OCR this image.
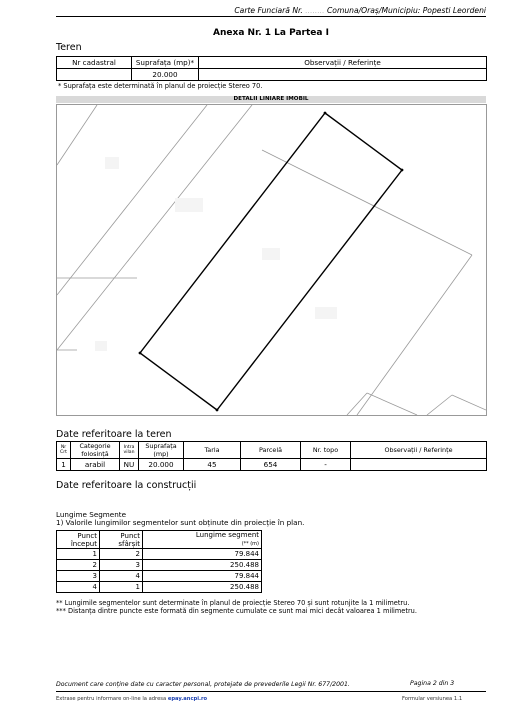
Carte Funciară Nr. ........ Comuna/Oraș/Municipiu: Popesti Leordeni
Anexa Nr. 1 La Partea I
Teren
Nr cadastral	Suprafața (mp)*	Observații / Referințe
	20.000	
* Suprafața este determinată în planul de proiecție Stereo 70.
DETALII LINIARE IMOBIL
Date referitoare la teren
Nr Crt	Categorie folosință	Intra vilan	Suprafața (mp)	Tarla	Parcelă	Nr. topo	Observații / Referințe
1	arabil	NU	20.000	45	654	-	
Date referitoare la construcții
Lungime Segmente
1) Valorile lungimilor segmentelor sunt obținute din proiecție în plan.
Punct început	Punct sfârșit	Lungime segment
(** (m)
1	2	79.844
2	3	250.488
3	4	79.844
4	1	250.488
** Lungimile segmentelor sunt determinate în planul de proiecție Stereo 70 și sunt rotunjite la 1 milimetru.
*** Distanța dintre puncte este formată din segmente cumulate ce sunt mai mici decât valoarea 1 milimetru.
Document care conține date cu caracter personal, protejate de prevederile Legii Nr. 677/2001.	Pagina 2 din 3
Extrase pentru informare on-line la adresa epay.ancpi.ro	Formular versiunea 1.1
